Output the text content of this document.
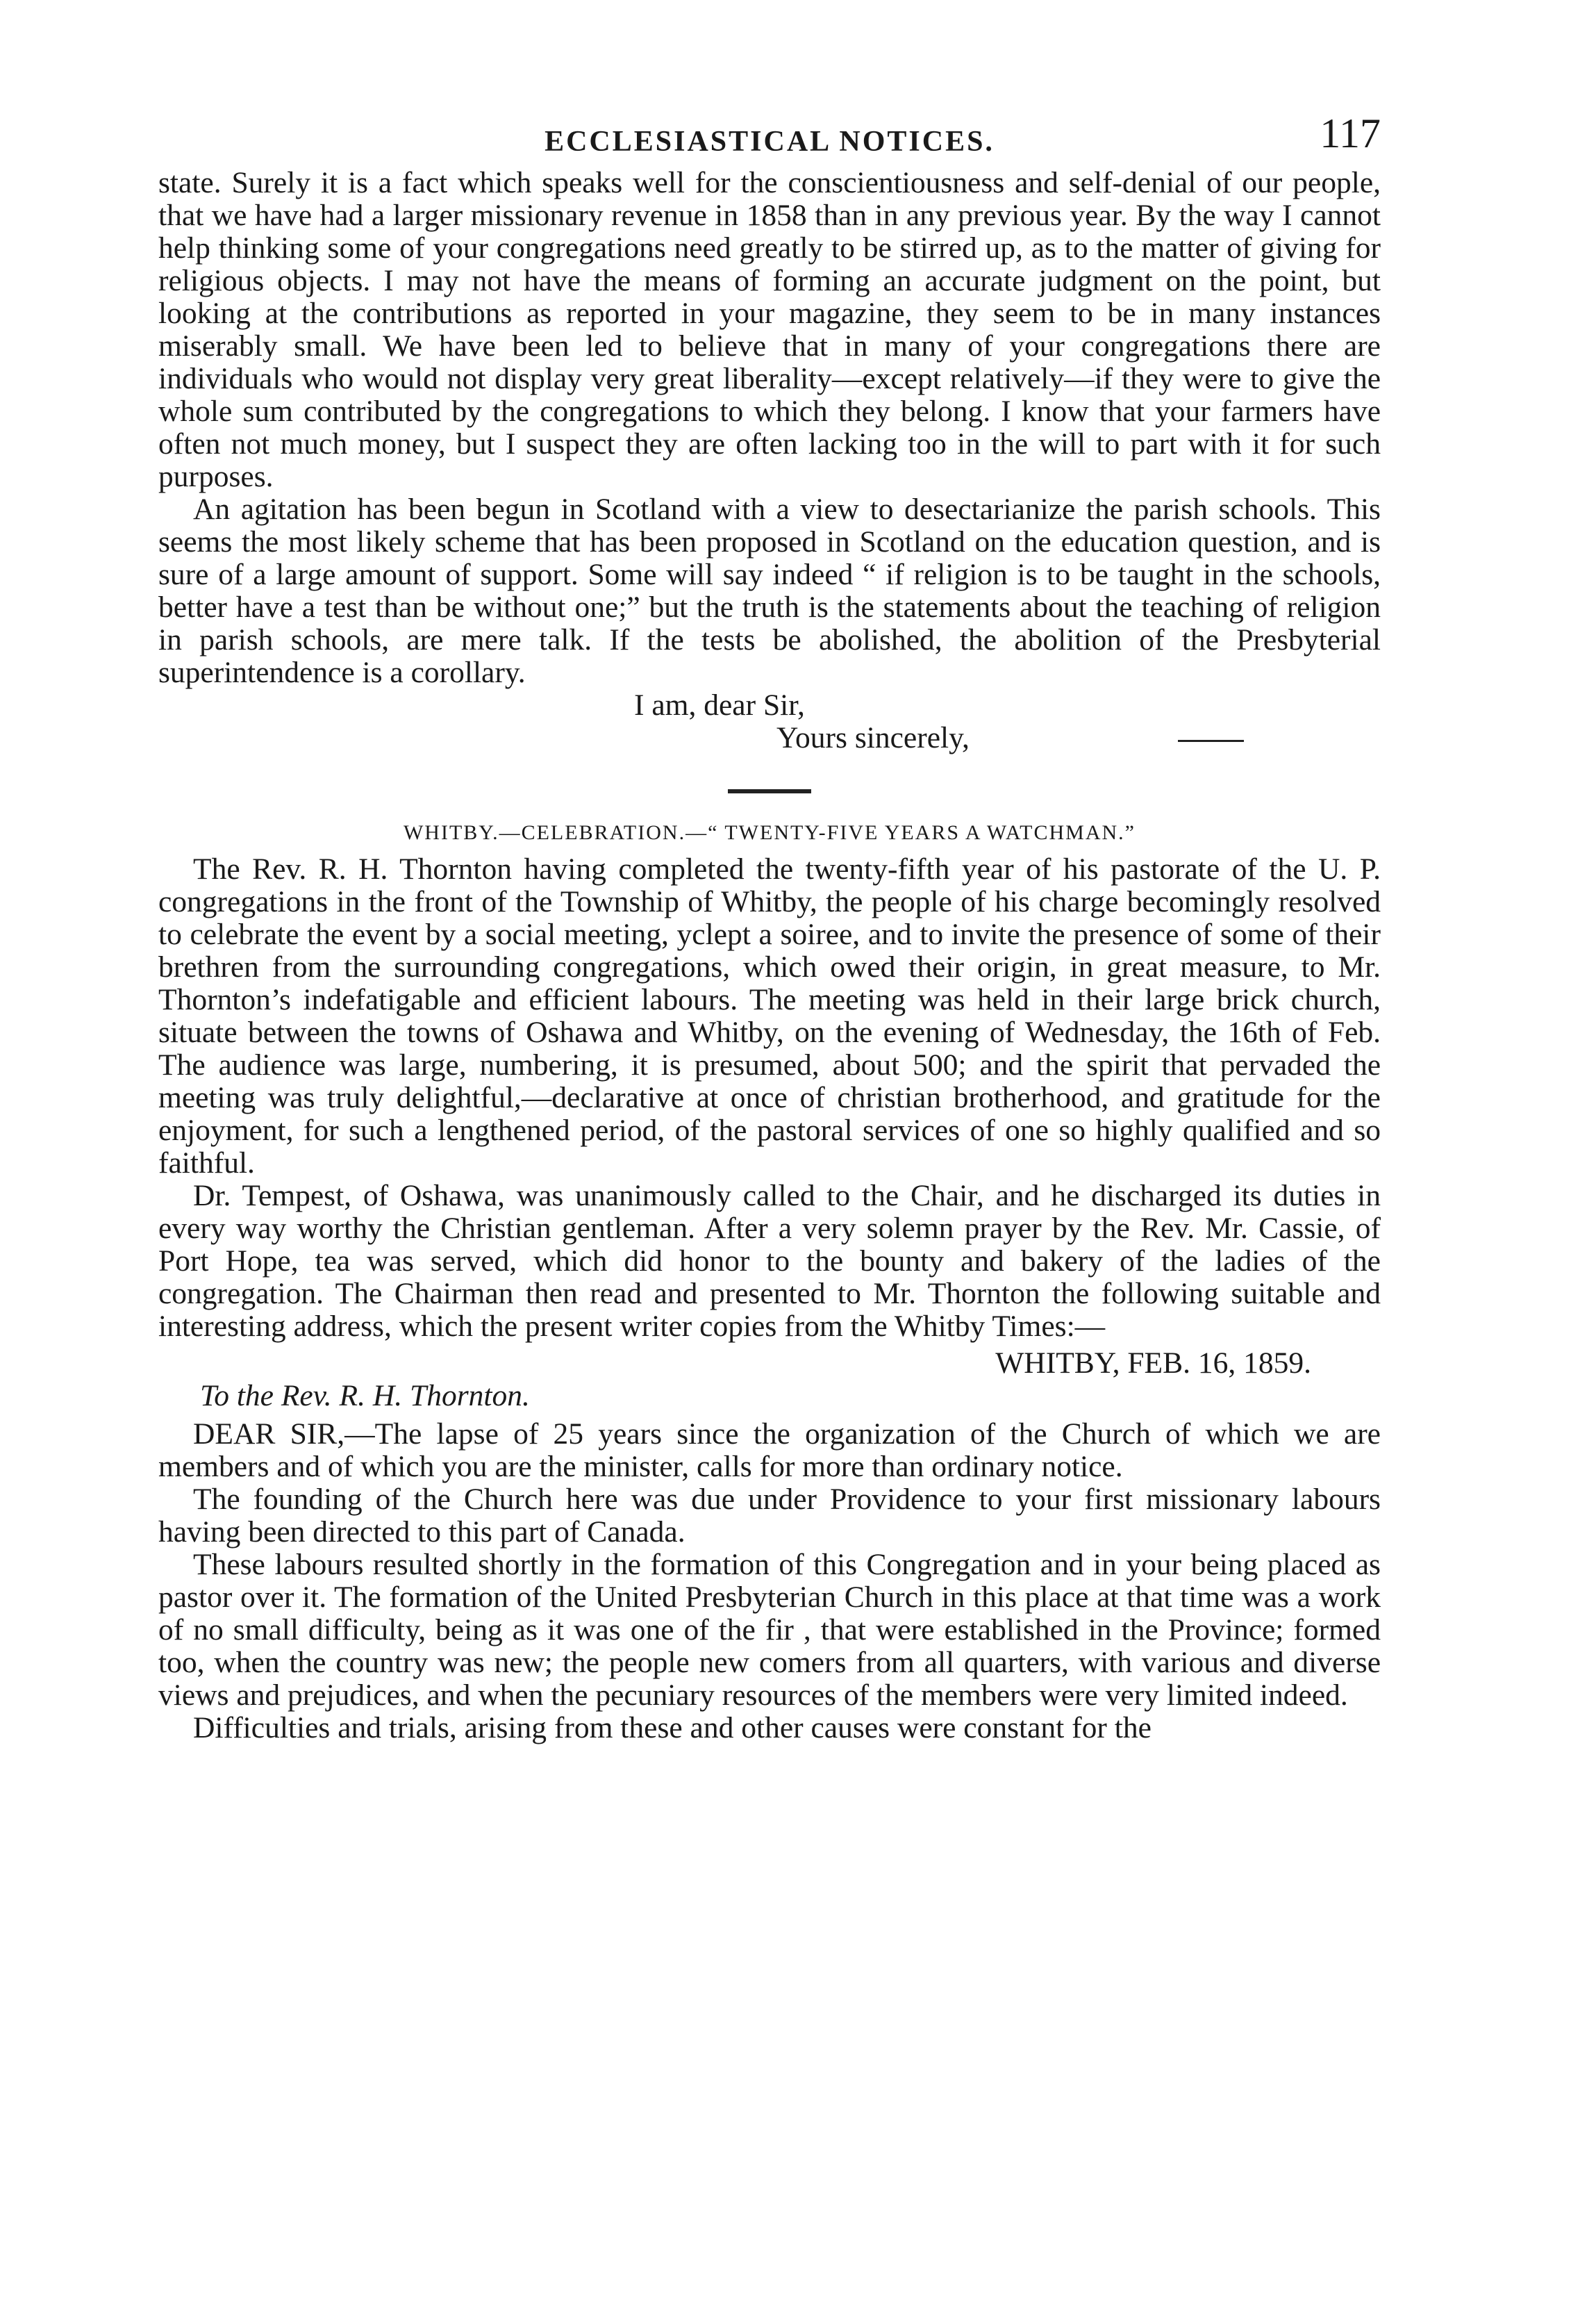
ECCLESIASTICAL NOTICES.	117

state. Surely it is a fact which speaks well for the conscientiousness and self-denial of our people, that we have had a larger missionary revenue in 1858 than in any previous year. By the way I cannot help thinking some of your congregations need greatly to be stirred up, as to the matter of giving for religious objects. I may not have the means of forming an accurate judgment on the point, but looking at the contributions as reported in your magazine, they seem to be in many instances miserably small. We have been led to believe that in many of your congregations there are individuals who would not display very great liberality—except relatively—if they were to give the whole sum contributed by the congregations to which they belong. I know that your farmers have often not much money, but I suspect they are often lacking too in the will to part with it for such purposes.

An agitation has been begun in Scotland with a view to desectarianize the parish schools. This seems the most likely scheme that has been proposed in Scotland on the education question, and is sure of a large amount of support. Some will say indeed “ if religion is to be taught in the schools, better have a test than be without one;” but the truth is the statements about the teaching of religion in parish schools, are mere talk. If the tests be abolished, the abolition of the Presbyterial superintendence is a corollary.

I am, dear Sir,

Yours sincerely,

WHITBY.—CELEBRATION.—“ TWENTY-FIVE YEARS A WATCHMAN.”

The Rev. R. H. Thornton having completed the twenty-fifth year of his pastorate of the U. P. congregations in the front of the Township of Whitby, the people of his charge becomingly resolved to celebrate the event by a social meeting, yclept a soiree, and to invite the presence of some of their brethren from the surrounding congregations, which owed their origin, in great measure, to Mr. Thornton’s indefatigable and efficient labours. The meeting was held in their large brick church, situate between the towns of Oshawa and Whitby, on the evening of Wednesday, the 16th of Feb. The audience was large, numbering, it is presumed, about 500; and the spirit that pervaded the meeting was truly delightful,—declarative at once of christian brotherhood, and gratitude for the enjoyment, for such a lengthened period, of the pastoral services of one so highly qualified and so faithful.

Dr. Tempest, of Oshawa, was unanimously called to the Chair, and he discharged its duties in every way worthy the Christian gentleman. After a very solemn prayer by the Rev. Mr. Cassie, of Port Hope, tea was served, which did honor to the bounty and bakery of the ladies of the congregation. The Chairman then read and presented to Mr. Thornton the following suitable and interesting address, which the present writer copies from the Whitby Times:—

WHITBY, FEB. 16, 1859.

To the Rev. R. H. Thornton.

DEAR SIR,—The lapse of 25 years since the organization of the Church of which we are members and of which you are the minister, calls for more than ordinary notice.

The founding of the Church here was due under Providence to your first missionary labours having been directed to this part of Canada.

These labours resulted shortly in the formation of this Congregation and in your being placed as pastor over it. The formation of the United Presbyterian Church in this place at that time was a work of no small difficulty, being as it was one of the fir , that were established in the Province; formed too, when the country was new; the people new comers from all quarters, with various and diverse views and prejudices, and when the pecuniary resources of the members were very limited indeed.

Difficulties and trials, arising from these and other causes were constant for the
